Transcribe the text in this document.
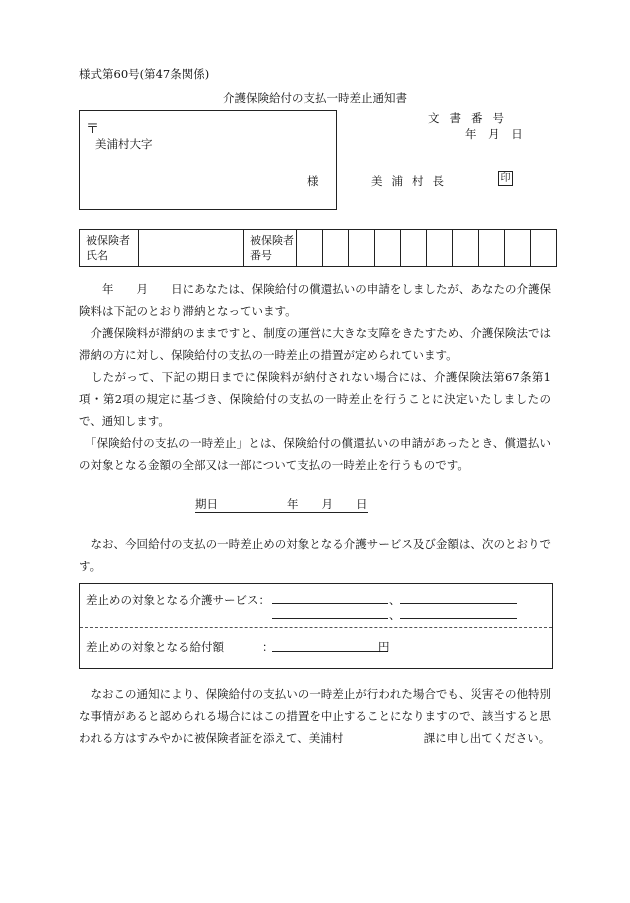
様式第60号(第47条関係)
介護保険給付の支払一時差止通知書
〒
美浦村大字
様
文書番号
年 月 日
美浦村長	印
被保険者氏名		被保険者番号										

　　年　　月　　日にあなたは、保険給付の償還払いの申請をしましたが、あなたの介護保険料は下記のとおり滞納となっています。

　介護保険料が滞納のままですと、制度の運営に大きな支障をきたすため、介護保険法では滞納の方に対し、保険給付の支払の一時差止の措置が定められています。

　したがって、下記の期日までに保険料が納付されない場合には、介護保険法第67条第1項・第2項の規定に基づき、保険給付の支払の一時差止を行うことに決定いたしましたので、通知します。

　「保険給付の支払の一時差止」とは、保険給付の償還払いの申請があったとき、償還払いの対象となる金額の全部又は一部について支払の一時差止を行うものです。

期日　　　　　　年　　月　　日

　なお、今回給付の支払の一時差止めの対象となる介護サービス及び金額は、次のとおりです。

差止めの対象となる介護サービス：	、
、
差止めの対象となる給付額	：	円

　なおこの通知により、保険給付の支払いの一時差止が行われた場合でも、災害その他特別な事情があると認められる場合にはこの措置を中止することになりますので、該当すると思われる方はすみやかに被保険者証を添えて、美浦村　　　　　　　課に申し出てください。
